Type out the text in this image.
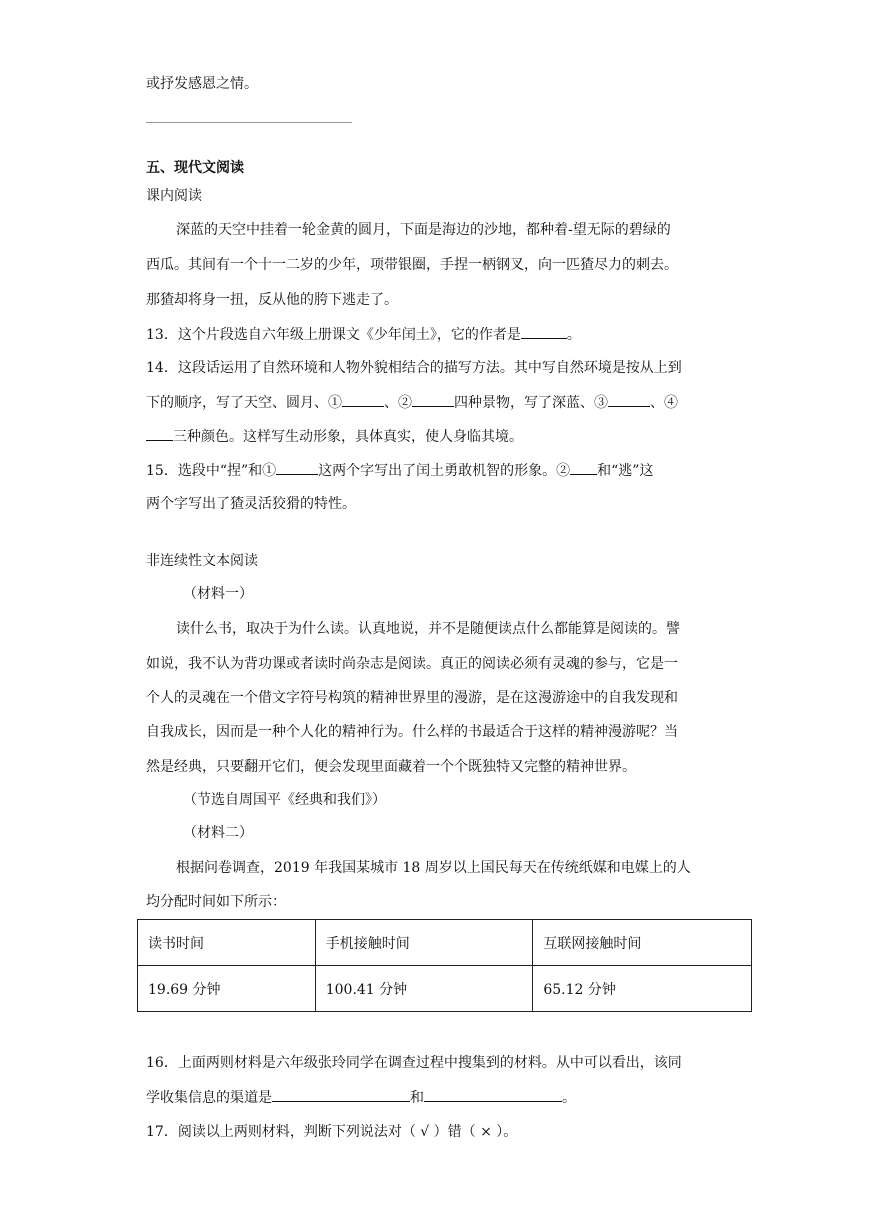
或抒发感恩之情。
五、现代文阅读
课内阅读
深蓝的天空中挂着一轮金黄的圆月，下面是海边的沙地，都种着-望无际的碧绿的
西瓜。其间有一个十一二岁的少年，项带银圈，手捏一柄钢叉，向一匹猹尽力的刺去。
那猹却将身一扭，反从他的胯下逃走了。
13．这个片段选自六年级上册课文《少年闰土》，它的作者是	。
14．这段话运用了自然环境和人物外貌相结合的描写方法。其中写自然环境是按从上到
下的顺序，写了天空、圆月、①	、②	四种景物，写了深蓝、③	、④
三种颜色。这样写生动形象，具体真实，使人身临其境。
15．选段中“捏”和①	这两个字写出了闰土勇敢机智的形象。② 和“逃”这
两个字写出了猹灵活狡猾的特性。
非连续性文本阅读
（材料一）
读什么书，取决于为什么读。认真地说，并不是随便读点什么都能算是阅读的。譬
如说，我不认为背功课或者读时尚杂志是阅读。真正的阅读必须有灵魂的参与，它是一
个人的灵魂在一个借文字符号构筑的精神世界里的漫游，是在这漫游途中的自我发现和
自我成长，因而是一种个人化的精神行为。什么样的书最适合于这样的精神漫游呢？当
然是经典，只要翻开它们，便会发现里面藏着一个个既独特又完整的精神世界。
（节选自周国平《经典和我们》）
（材料二）
根据问卷调查，2019 年我国某城市 18 周岁以上国民每天在传统纸媒和电媒上的人
均分配时间如下所示：
读书时间	手机接触时间	互联网接触时间
19.69 分钟	100.41 分钟	65.12 分钟
16．上面两则材料是六年级张玲同学在调查过程中搜集到的材料。从中可以看出，该同
学收集信息的渠道是	和	。
17．阅读以上两则材料，判断下列说法对（ √ ）错（ × ）。
